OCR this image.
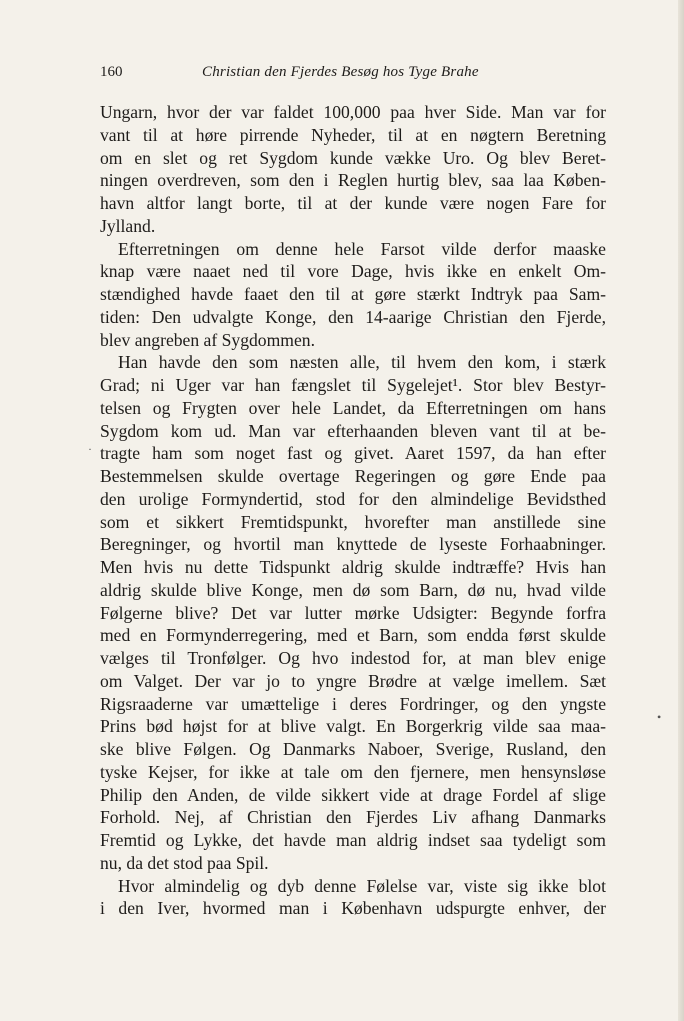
160	Christian den Fjerdes Besøg hos Tyge Brahe
Ungarn, hvor der var faldet 100,000 paa hver Side. Man var for
vant til at høre pirrende Nyheder, til at en nøgtern Beretning
om en slet og ret Sygdom kunde vække Uro. Og blev Beret-
ningen overdreven, som den i Reglen hurtig blev, saa laa Køben-
havn altfor langt borte, til at der kunde være nogen Fare for
Jylland.
Efterretningen om denne hele Farsot vilde derfor maaske
knap være naaet ned til vore Dage, hvis ikke en enkelt Om-
stændighed havde faaet den til at gøre stærkt Indtryk paa Sam-
tiden: Den udvalgte Konge, den 14-aarige Christian den Fjerde,
blev angreben af Sygdommen.
Han havde den som næsten alle, til hvem den kom, i stærk
Grad; ni Uger var han fængslet til Sygelejet¹. Stor blev Bestyr-
telsen og Frygten over hele Landet, da Efterretningen om hans
Sygdom kom ud. Man var efterhaanden bleven vant til at be-
tragte ham som noget fast og givet. Aaret 1597, da han efter
Bestemmelsen skulde overtage Regeringen og gøre Ende paa
den urolige Formyndertid, stod for den almindelige Bevidsthed
som et sikkert Fremtidspunkt, hvorefter man anstillede sine
Beregninger, og hvortil man knyttede de lyseste Forhaabninger.
Men hvis nu dette Tidspunkt aldrig skulde indtræffe? Hvis han
aldrig skulde blive Konge, men dø som Barn, dø nu, hvad vilde
Følgerne blive? Det var lutter mørke Udsigter: Begynde forfra
med en Formynderregering, med et Barn, som endda først skulde
vælges til Tronfølger. Og hvo indestod for, at man blev enige
om Valget. Der var jo to yngre Brødre at vælge imellem. Sæt
Rigsraaderne var umættelige i deres Fordringer, og den yngste
Prins bød højst for at blive valgt. En Borgerkrig vilde saa maa-
ske blive Følgen. Og Danmarks Naboer, Sverige, Rusland, den
tyske Kejser, for ikke at tale om den fjernere, men hensynsløse
Philip den Anden, de vilde sikkert vide at drage Fordel af slige
Forhold. Nej, af Christian den Fjerdes Liv afhang Danmarks
Fremtid og Lykke, det havde man aldrig indset saa tydeligt som
nu, da det stod paa Spil.
Hvor almindelig og dyb denne Følelse var, viste sig ikke blot
i den Iver, hvormed man i København udspurgte enhver, der
·
•
